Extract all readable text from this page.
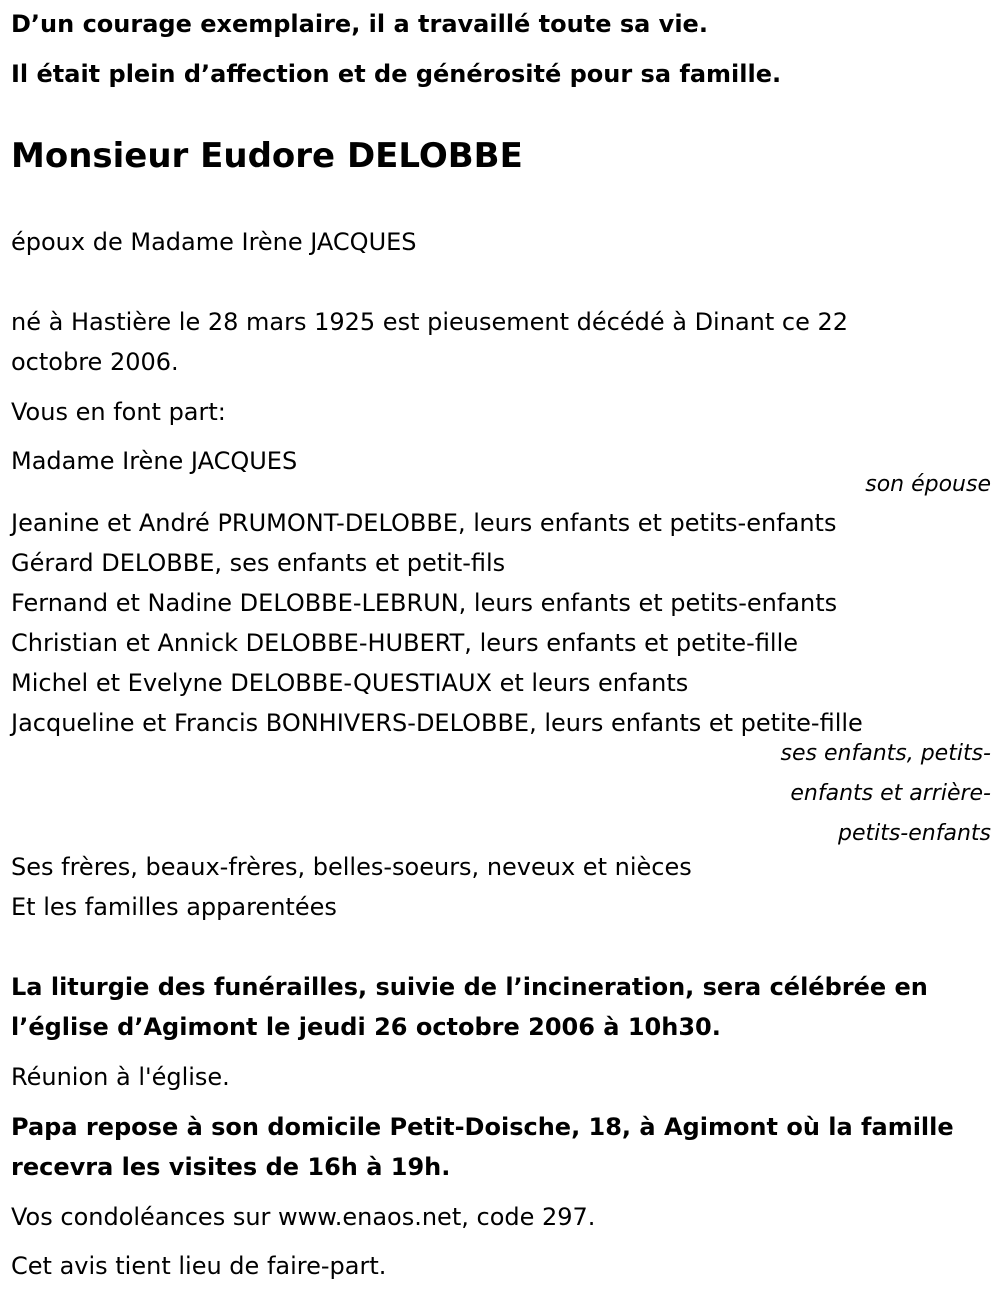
D’un courage exemplaire, il a travaillé toute sa vie.

Il était plein d’affection et de générosité pour sa famille.

Monsieur Eudore DELOBBE

époux de Madame Irène JACQUES

né à Hastière le 28 mars 1925 est pieusement décédé à Dinant ce 22

octobre 2006.

Vous en font part:

Madame Irène JACQUES

son épouse

Jeanine et André PRUMONT-DELOBBE, leurs enfants et petits-enfants

Gérard DELOBBE, ses enfants et petit-fils

Fernand et Nadine DELOBBE-LEBRUN, leurs enfants et petits-enfants

Christian et Annick DELOBBE-HUBERT, leurs enfants et petite-fille

Michel et Evelyne DELOBBE-QUESTIAUX et leurs enfants

Jacqueline et Francis BONHIVERS-DELOBBE, leurs enfants et petite-fille

ses enfants, petits-
enfants et arrière-
petits-enfants

Ses frères, beaux-frères, belles-soeurs, neveux et nièces

Et les familles apparentées

La liturgie des funérailles, suivie de l’incineration, sera célébrée en

l’église d’Agimont le jeudi 26 octobre 2006 à 10h30.

Réunion à l'église.

Papa repose à son domicile Petit-Doische, 18, à Agimont où la famille

recevra les visites de 16h à 19h.

Vos condoléances sur www.enaos.net, code 297.

Cet avis tient lieu de faire-part.
